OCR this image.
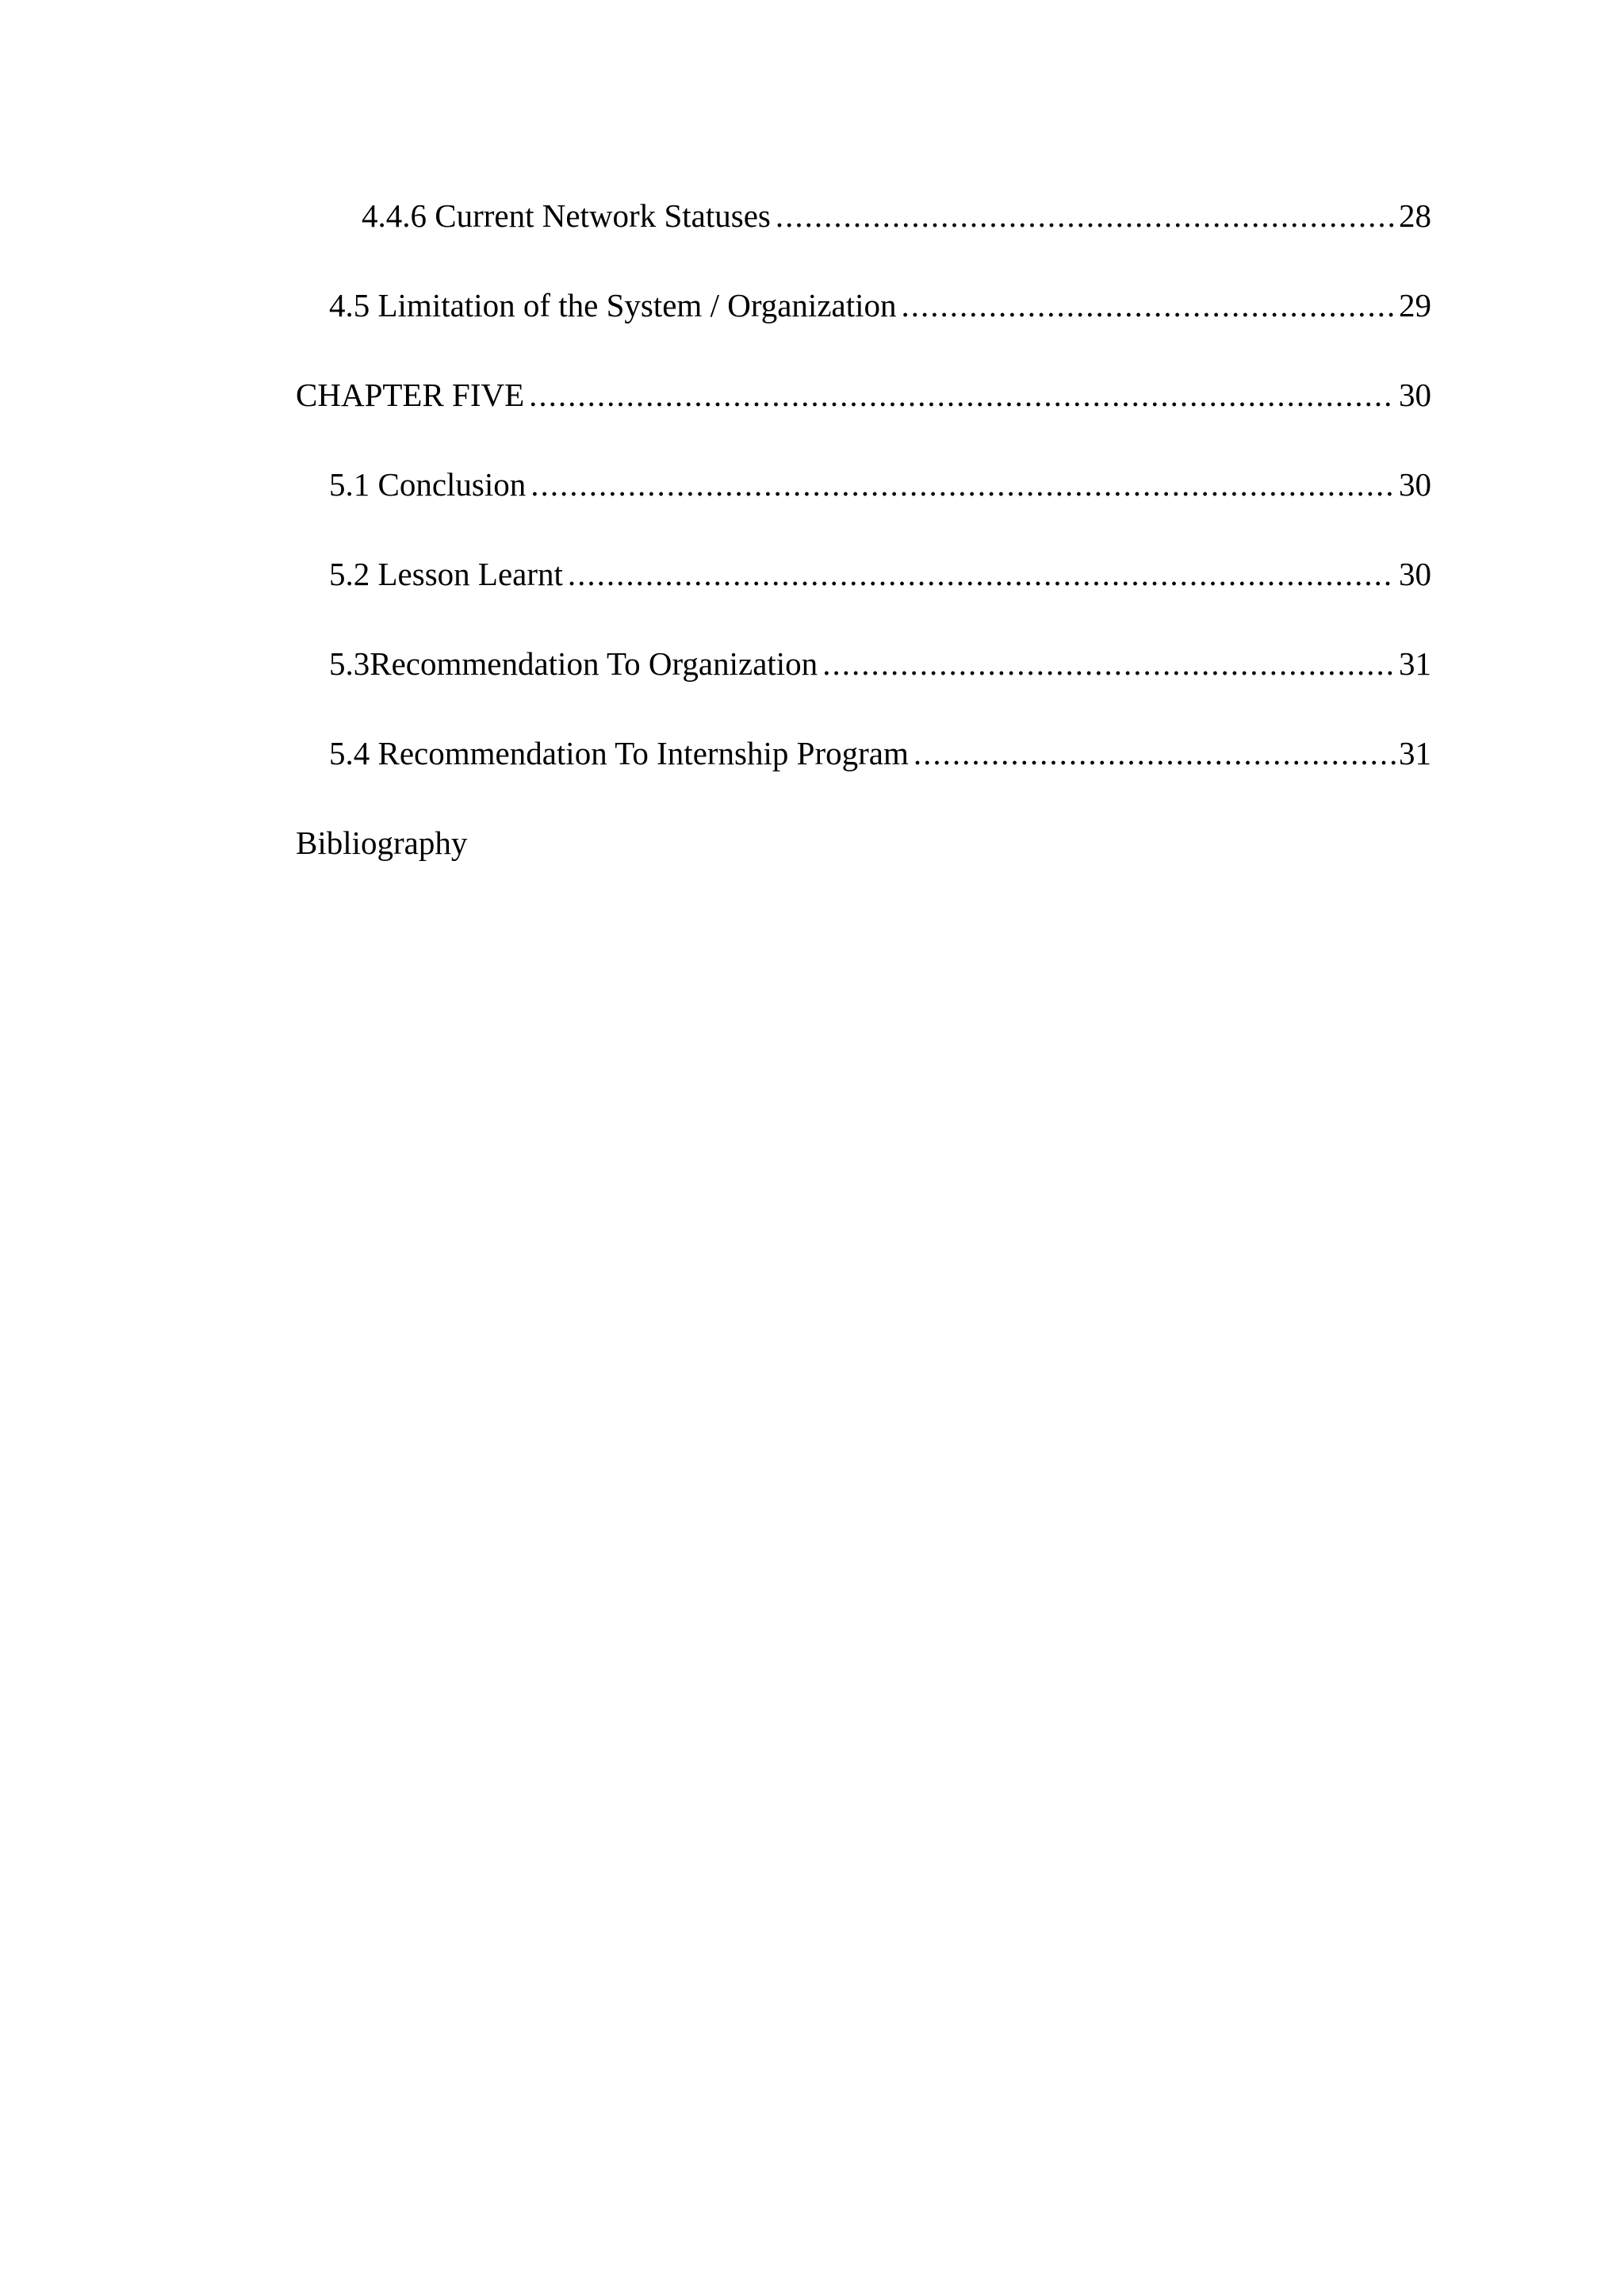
4.4.6 Current Network Statuses .....	28
4.5 Limitation of the System / Organization .....	29
CHAPTER FIVE .....	30
5.1 Conclusion .....	30
5.2 Lesson Learnt .....	30
5.3Recommendation To Organization .....	31
5.4 Recommendation To Internship Program .....	31
Bibliography
